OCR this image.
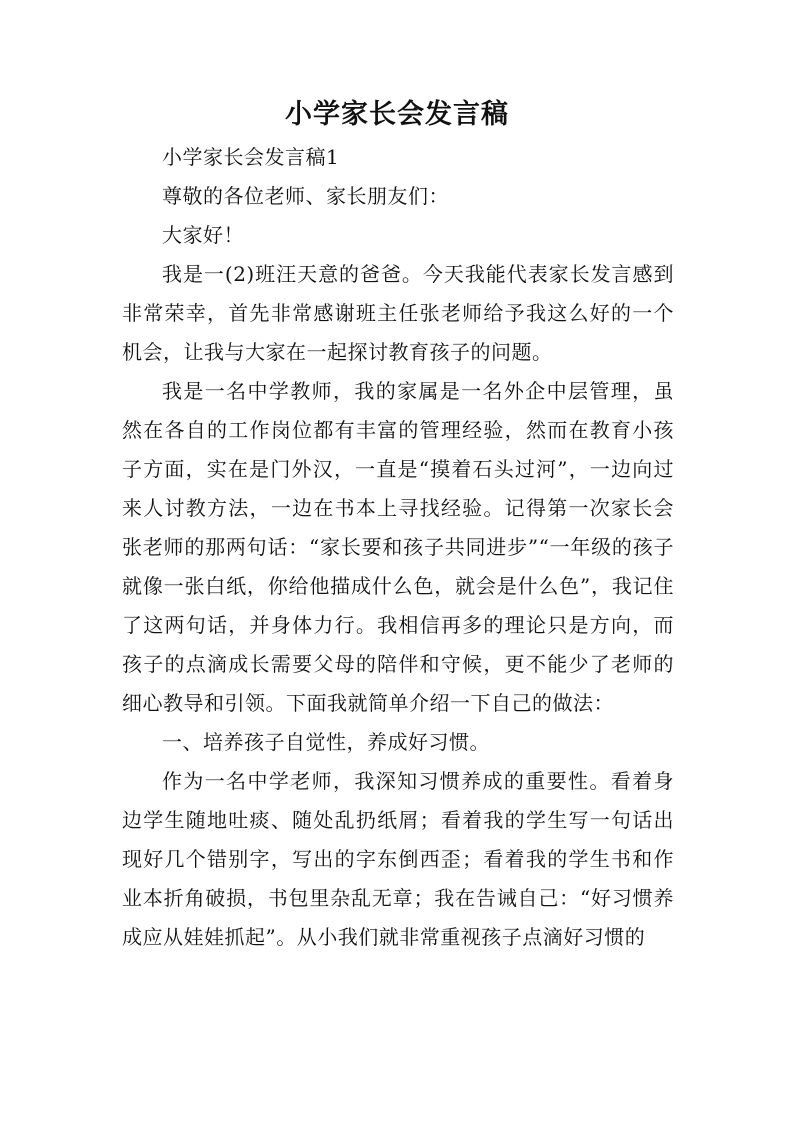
小学家长会发言稿

小学家长会发言稿1

尊敬的各位老师、家长朋友们：

大家好！

我是一(2)班汪天意的爸爸。今天我能代表家长发言感到非常荣幸，首先非常感谢班主任张老师给予我这么好的一个机会，让我与大家在一起探讨教育孩子的问题。

我是一名中学教师，我的家属是一名外企中层管理，虽然在各自的工作岗位都有丰富的管理经验，然而在教育小孩子方面，实在是门外汉，一直是“摸着石头过河”，一边向过来人讨教方法，一边在书本上寻找经验。记得第一次家长会张老师的那两句话：“家长要和孩子共同进步”“一年级的孩子就像一张白纸，你给他描成什么色，就会是什么色”，我记住了这两句话，并身体力行。我相信再多的理论只是方向，而孩子的点滴成长需要父母的陪伴和守候，更不能少了老师的细心教导和引领。下面我就简单介绍一下自己的做法：

一、培养孩子自觉性，养成好习惯。

作为一名中学老师，我深知习惯养成的重要性。看着身边学生随地吐痰、随处乱扔纸屑；看着我的学生写一句话出现好几个错别字，写出的字东倒西歪；看着我的学生书和作业本折角破损，书包里杂乱无章；我在告诫自己：“好习惯养成应从娃娃抓起”。从小我们就非常重视孩子点滴好习惯的
